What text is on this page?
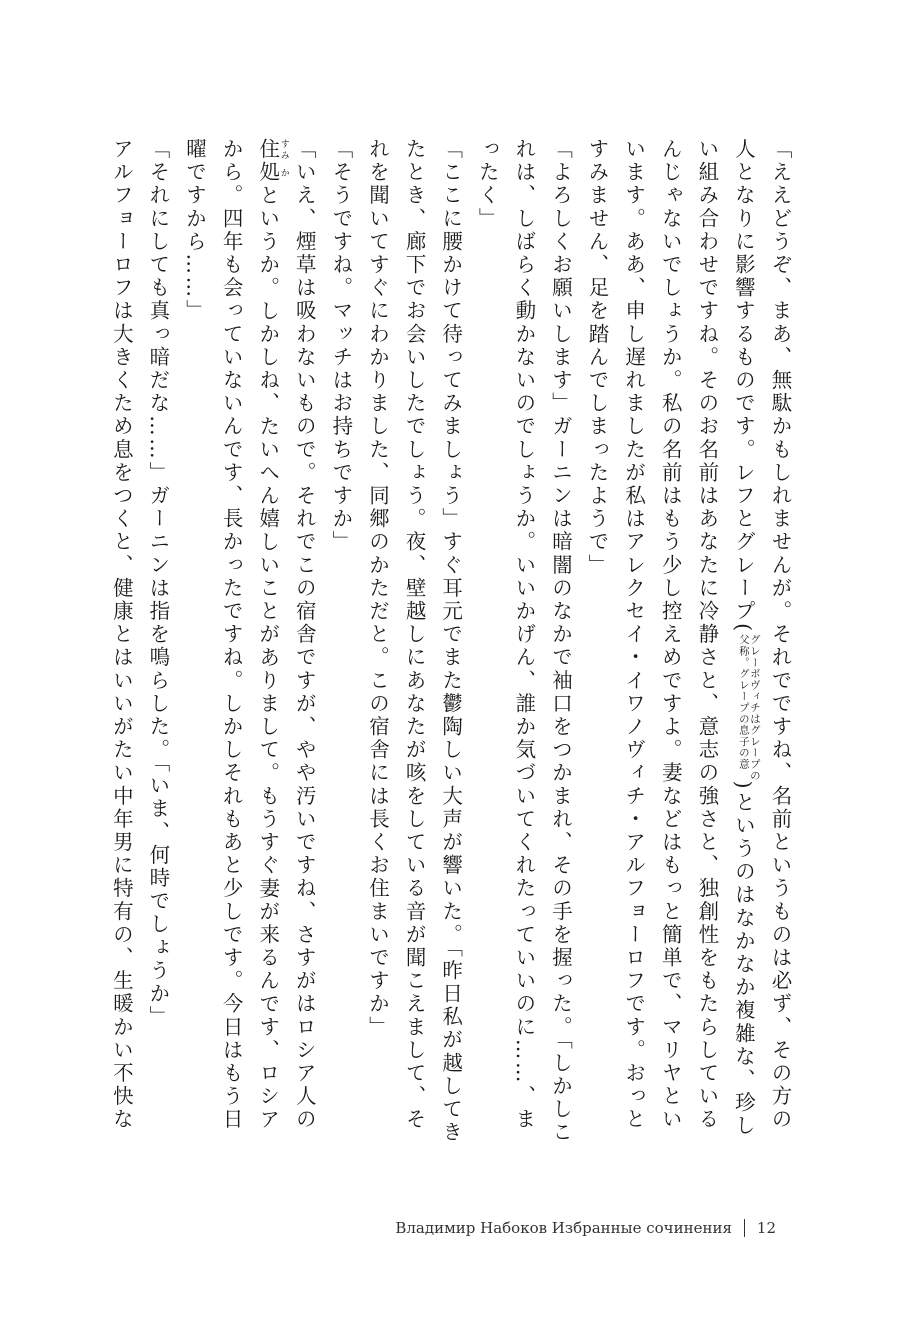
「ええどうぞ、まあ、無駄かもしれませんが。それでですね、名前というものは必ず、その方の人となりに影響するものです。レフとグレープ(
グレーボヴィチはグレープの
父称。グレープの息子の意
)というのはなかなか複雑な、珍しい組み合わせですね。そのお名前はあなたに冷静さと、意志の強さと、独創性をもたらしているんじゃないでしょうか。私の名前はもう少し控えめですよ。妻などはもっと簡単で、マリヤといいます。ああ、申し遅れましたが私はアレクセイ・イワノヴィチ・アルフョーロフです。おっとすみません、足を踏んでしまったようで」

「よろしくお願いします」ガーニンは暗闇のなかで袖口をつかまれ、その手を握った。「しかしこれは、しばらく動かないのでしょうか。いいかげん、誰か気づいてくれたっていいのに……、まったく」

「ここに腰かけて待ってみましょう」すぐ耳元でまた鬱陶しい大声が響いた。「昨日私が越してきたとき、廊下でお会いしたでしょう。夜、壁越しにあなたが咳をしている音が聞こえまして、それを聞いてすぐにわかりました、同郷のかただと。この宿舎には長くお住まいですか」

「そうですね。マッチはお持ちですか」

「いえ、煙草は吸わないもので。それでこの宿舎ですが、やや汚いですね、さすがはロシア人の住 すみ処 かというか。しかしね、たいへん嬉しいことがありまして。もうすぐ妻が来るんです、ロシアから。四年も会っていないんです、長かったですね。しかしそれもあと少しです。今日はもう日曜ですから……」

「それにしても真っ暗だな……」ガーニンは指を鳴らした。「いま、何時でしょうか」

アルフョーロフは大きくため息をつくと、健康とはいいがたい中年男に特有の、生暖かい不快な

Владимир Набоков Избранные сочинения 12
